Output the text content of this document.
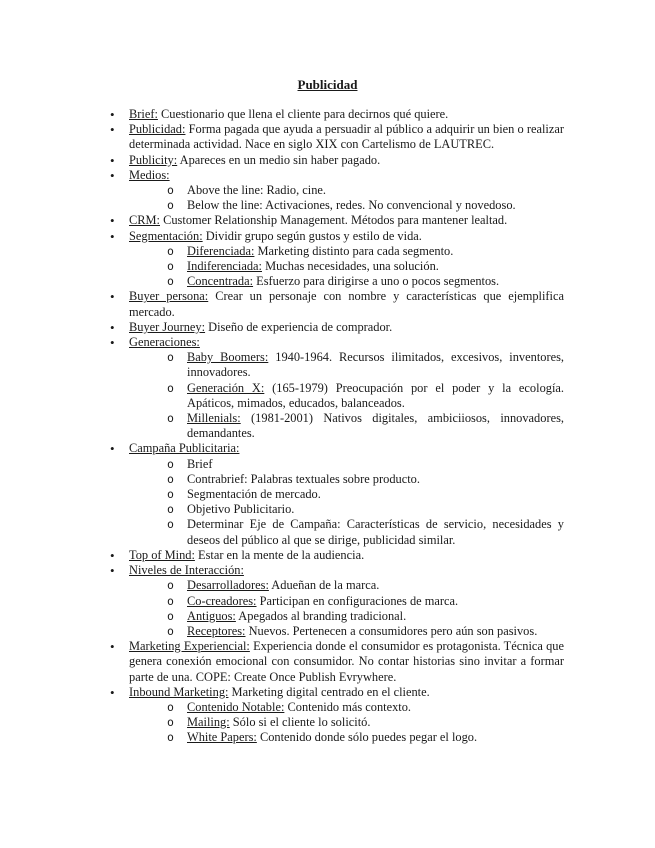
Publicidad
• Brief: Cuestionario que llena el cliente para decirnos qué quiere.
• Publicidad: Forma pagada que ayuda a persuadir al público a adquirir un bien o realizar determinada actividad. Nace en siglo XIX con Cartelismo de LAUTREC.
• Publicity: Apareces en un medio sin haber pagado.
• Medios:
o Above the line: Radio, cine.
o Below the line: Activaciones, redes. No convencional y novedoso.
• CRM: Customer Relationship Management. Métodos para mantener lealtad.
• Segmentación: Dividir grupo según gustos y estilo de vida.
o Diferenciada: Marketing distinto para cada segmento.
o Indiferenciada: Muchas necesidades, una solución.
o Concentrada: Esfuerzo para dirigirse a uno o pocos segmentos.
• Buyer persona: Crear un personaje con nombre y características que ejemplifica mercado.
• Buyer Journey: Diseño de experiencia de comprador.
• Generaciones:
o Baby Boomers: 1940-1964. Recursos ilimitados, excesivos, inventores, innovadores.
o Generación X: (165-1979) Preocupación por el poder y la ecología. Apáticos, mimados, educados, balanceados.
o Millenials: (1981-2001) Nativos digitales, ambiciiosos, innovadores, demandantes.
• Campaña Publicitaria:
o Brief
o Contrabrief: Palabras textuales sobre producto.
o Segmentación de mercado.
o Objetivo Publicitario.
o Determinar Eje de Campaña: Características de servicio, necesidades y deseos del público al que se dirige, publicidad similar.
• Top of Mind: Estar en la mente de la audiencia.
• Niveles de Interacción:
o Desarrolladores: Adueñan de la marca.
o Co-creadores: Participan en configuraciones de marca.
o Antiguos: Apegados al branding tradicional.
o Receptores: Nuevos. Pertenecen a consumidores pero aún son pasivos.
• Marketing Experiencial: Experiencia donde el consumidor es protagonista. Técnica que genera conexión emocional con consumidor. No contar historias sino invitar a formar parte de una. COPE: Create Once Publish Evrywhere.
• Inbound Marketing: Marketing digital centrado en el cliente.
o Contenido Notable: Contenido más contexto.
o Mailing: Sólo si el cliente lo solicitó.
o White Papers: Contenido donde sólo puedes pegar el logo.
